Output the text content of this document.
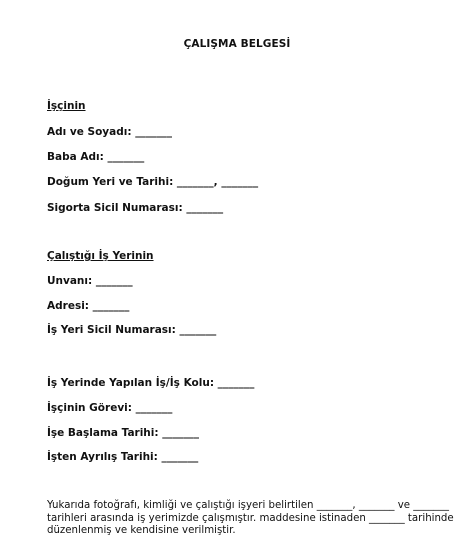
ÇALIŞMA BELGESİ
İşçinin
Adı ve Soyadı: _______
Baba Adı: _______
Doğum Yeri ve Tarihi: _______, _______
Sigorta Sicil Numarası: _______
Çalıştığı İş Yerinin
Unvanı: _______
Adresi: _______
İş Yeri Sicil Numarası: _______
İş Yerinde Yapılan İş/İş Kolu: _______
İşçinin Görevi: _______
İşe Başlama Tarihi: _______
İşten Ayrılış Tarihi: _______
Yukarıda fotoğrafı, kimliği ve çalıştığı işyeri belirtilen _______, _______ ve _______
tarihleri arasında iş yerimizde çalışmıştır. maddesine istinaden _______ tarihinde
düzenlenmiş ve kendisine verilmiştir.
